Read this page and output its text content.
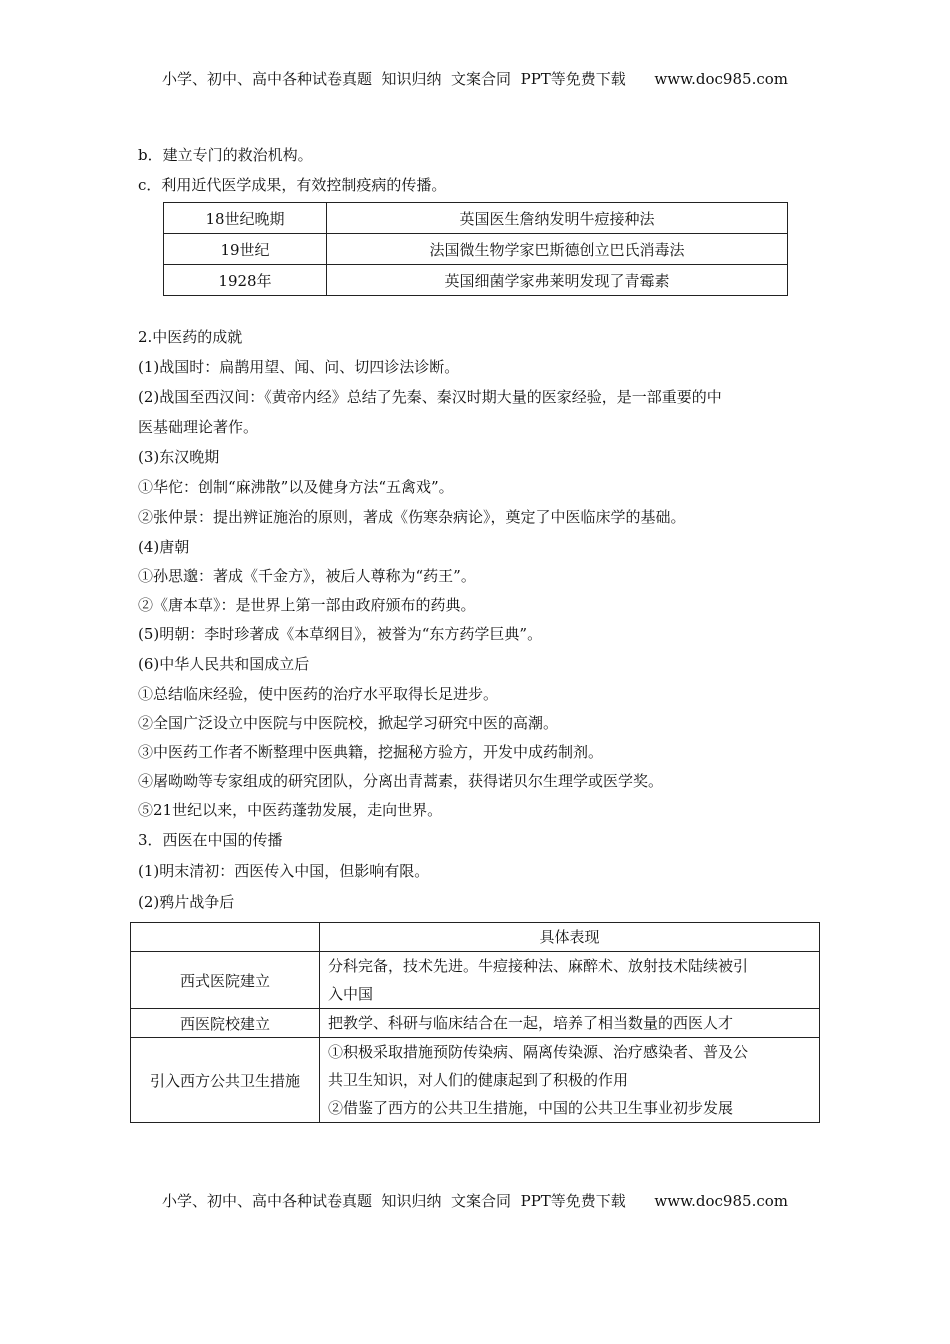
小学、初中、高中各种试卷真题  知识归纳  文案合同  PPT等免费下载      www.doc985.com
b．建立专门的救治机构。
c．利用近代医学成果，有效控制疫病的传播。
18世纪晚期	英国医生詹纳发明牛痘接种法
19世纪	法国微生物学家巴斯德创立巴氏消毒法
1928年	英国细菌学家弗莱明发现了青霉素
2.中医药的成就
(1)战国时：扁鹊用望、闻、问、切四诊法诊断。
(2)战国至西汉间：《黄帝内经》总结了先秦、秦汉时期大量的医家经验，是一部重要的中
医基础理论著作。
(3)东汉晚期
①华佗：创制“麻沸散”以及健身方法“五禽戏”。
②张仲景：提出辨证施治的原则，著成《伤寒杂病论》，奠定了中医临床学的基础。
(4)唐朝
①孙思邈：著成《千金方》，被后人尊称为“药王”。
②《唐本草》：是世界上第一部由政府颁布的药典。
(5)明朝：李时珍著成《本草纲目》，被誉为“东方药学巨典”。
(6)中华人民共和国成立后
①总结临床经验，使中医药的治疗水平取得长足进步。
②全国广泛设立中医院与中医院校，掀起学习研究中医的高潮。
③中医药工作者不断整理中医典籍，挖掘秘方验方，开发中成药制剂。
④屠呦呦等专家组成的研究团队，分离出青蒿素，获得诺贝尔生理学或医学奖。
⑤21世纪以来，中医药蓬勃发展，走向世界。
3．西医在中国的传播
(1)明末清初：西医传入中国，但影响有限。
(2)鸦片战争后
	具体表现
西式医院建立	分科完备，技术先进。牛痘接种法、麻醉术、放射技术陆续被引
入中国

西医院校建立	把教学、科研与临床结合在一起，培养了相当数量的西医人才

引入西方公共卫生措施	①积极采取措施预防传染病、隔离传染源、治疗感染者、普及公
共卫生知识，对人们的健康起到了积极的作用
②借鉴了西方的公共卫生措施，中国的公共卫生事业初步发展
小学、初中、高中各种试卷真题  知识归纳  文案合同  PPT等免费下载      www.doc985.com
